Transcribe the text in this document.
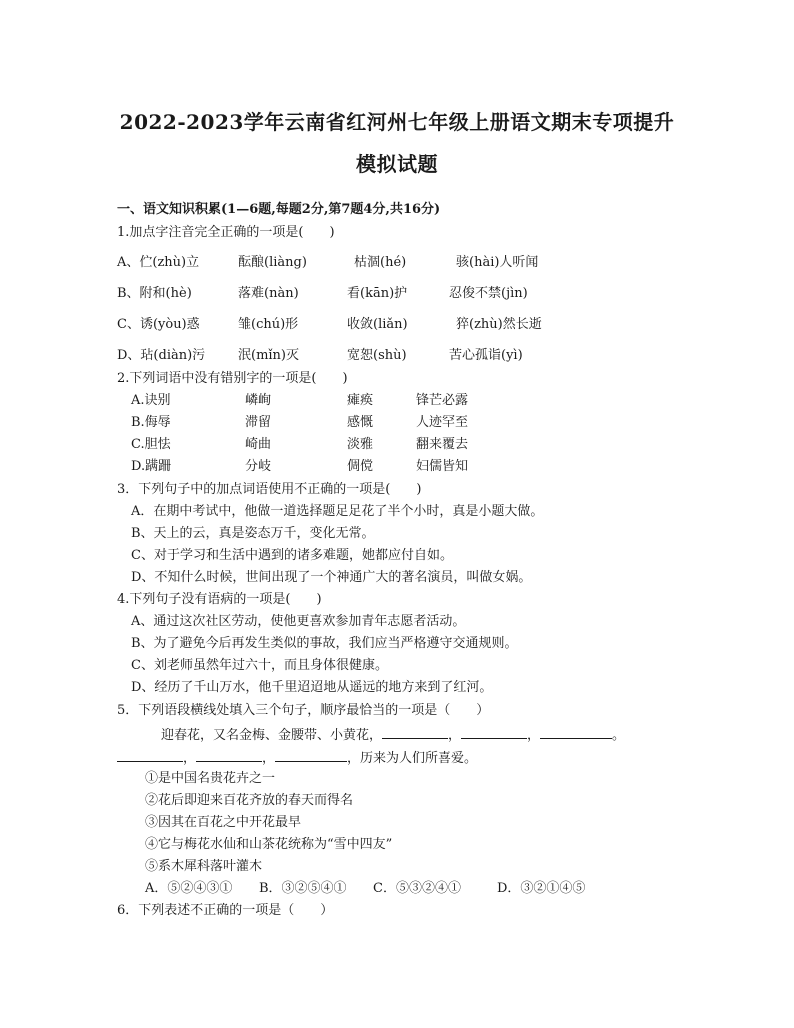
2022-2023学年云南省红河州七年级上册语文期末专项提升
模拟试题
一、语文知识积累(1—6题,每题2分,第7题4分,共16分)
1.加点字注音完全正确的一项是(　　)
A、伫(zhù)立	酝酿(liàng)	枯涸(hé)	骇(hài)人听闻
B、附和(hè)	落难(nàn)	看(kān)护	忍俊不禁(jìn)
C、诱(yòu)惑	雏(chú)形	收敛(liǎn)	猝(zhù)然长逝
D、玷(diàn)污	泯(mǐn)灭	宽恕(shù)	苦心孤诣(yì)
2.下列词语中没有错别字的一项是(　　)
A.诀别	嶙峋	瘫痪	锋芒必露
B.侮辱	滞留	感慨	人迹罕至
C.胆怯	崎曲	淡雅	翻来覆去
D.蹒跚	分岐	倜傥	妇儒皆知
3．下列句子中的加点词语使用不正确的一项是(　　)
A．在期中考试中，他做一道选择题足足花了半个小时，真是小题大做。
B、天上的云，真是姿态万千，变化无常。
C、对于学习和生活中遇到的诸多难题，她都应付自如。
D、不知什么时候，世间出现了一个神通广大的著名演员，叫做女娲。
4.下列句子没有语病的一项是(　　)
A、通过这次社区劳动，使他更喜欢参加青年志愿者活动。
B、为了避免今后再发生类似的事故，我们应当严格遵守交通规则。
C、刘老师虽然年过六十，而且身体很健康。
D、经历了千山万水，他千里迢迢地从遥远的地方来到了红河。
5．下列语段横线处填入三个句子，顺序最恰当的一项是（　　）
迎春花，又名金梅、金腰带、小黄花，	，	，	。
，	，	，历来为人们所喜爱。
①是中国名贵花卉之一
②花后即迎来百花齐放的春天而得名
③因其在百花之中开花最早
④它与梅花水仙和山茶花统称为“雪中四友”
⑤系木犀科落叶灌木
A．⑤②④③① B．③②⑤④① C．⑤③②④①	D．③②①④⑤
6．下列表述不正确的一项是（　　）
